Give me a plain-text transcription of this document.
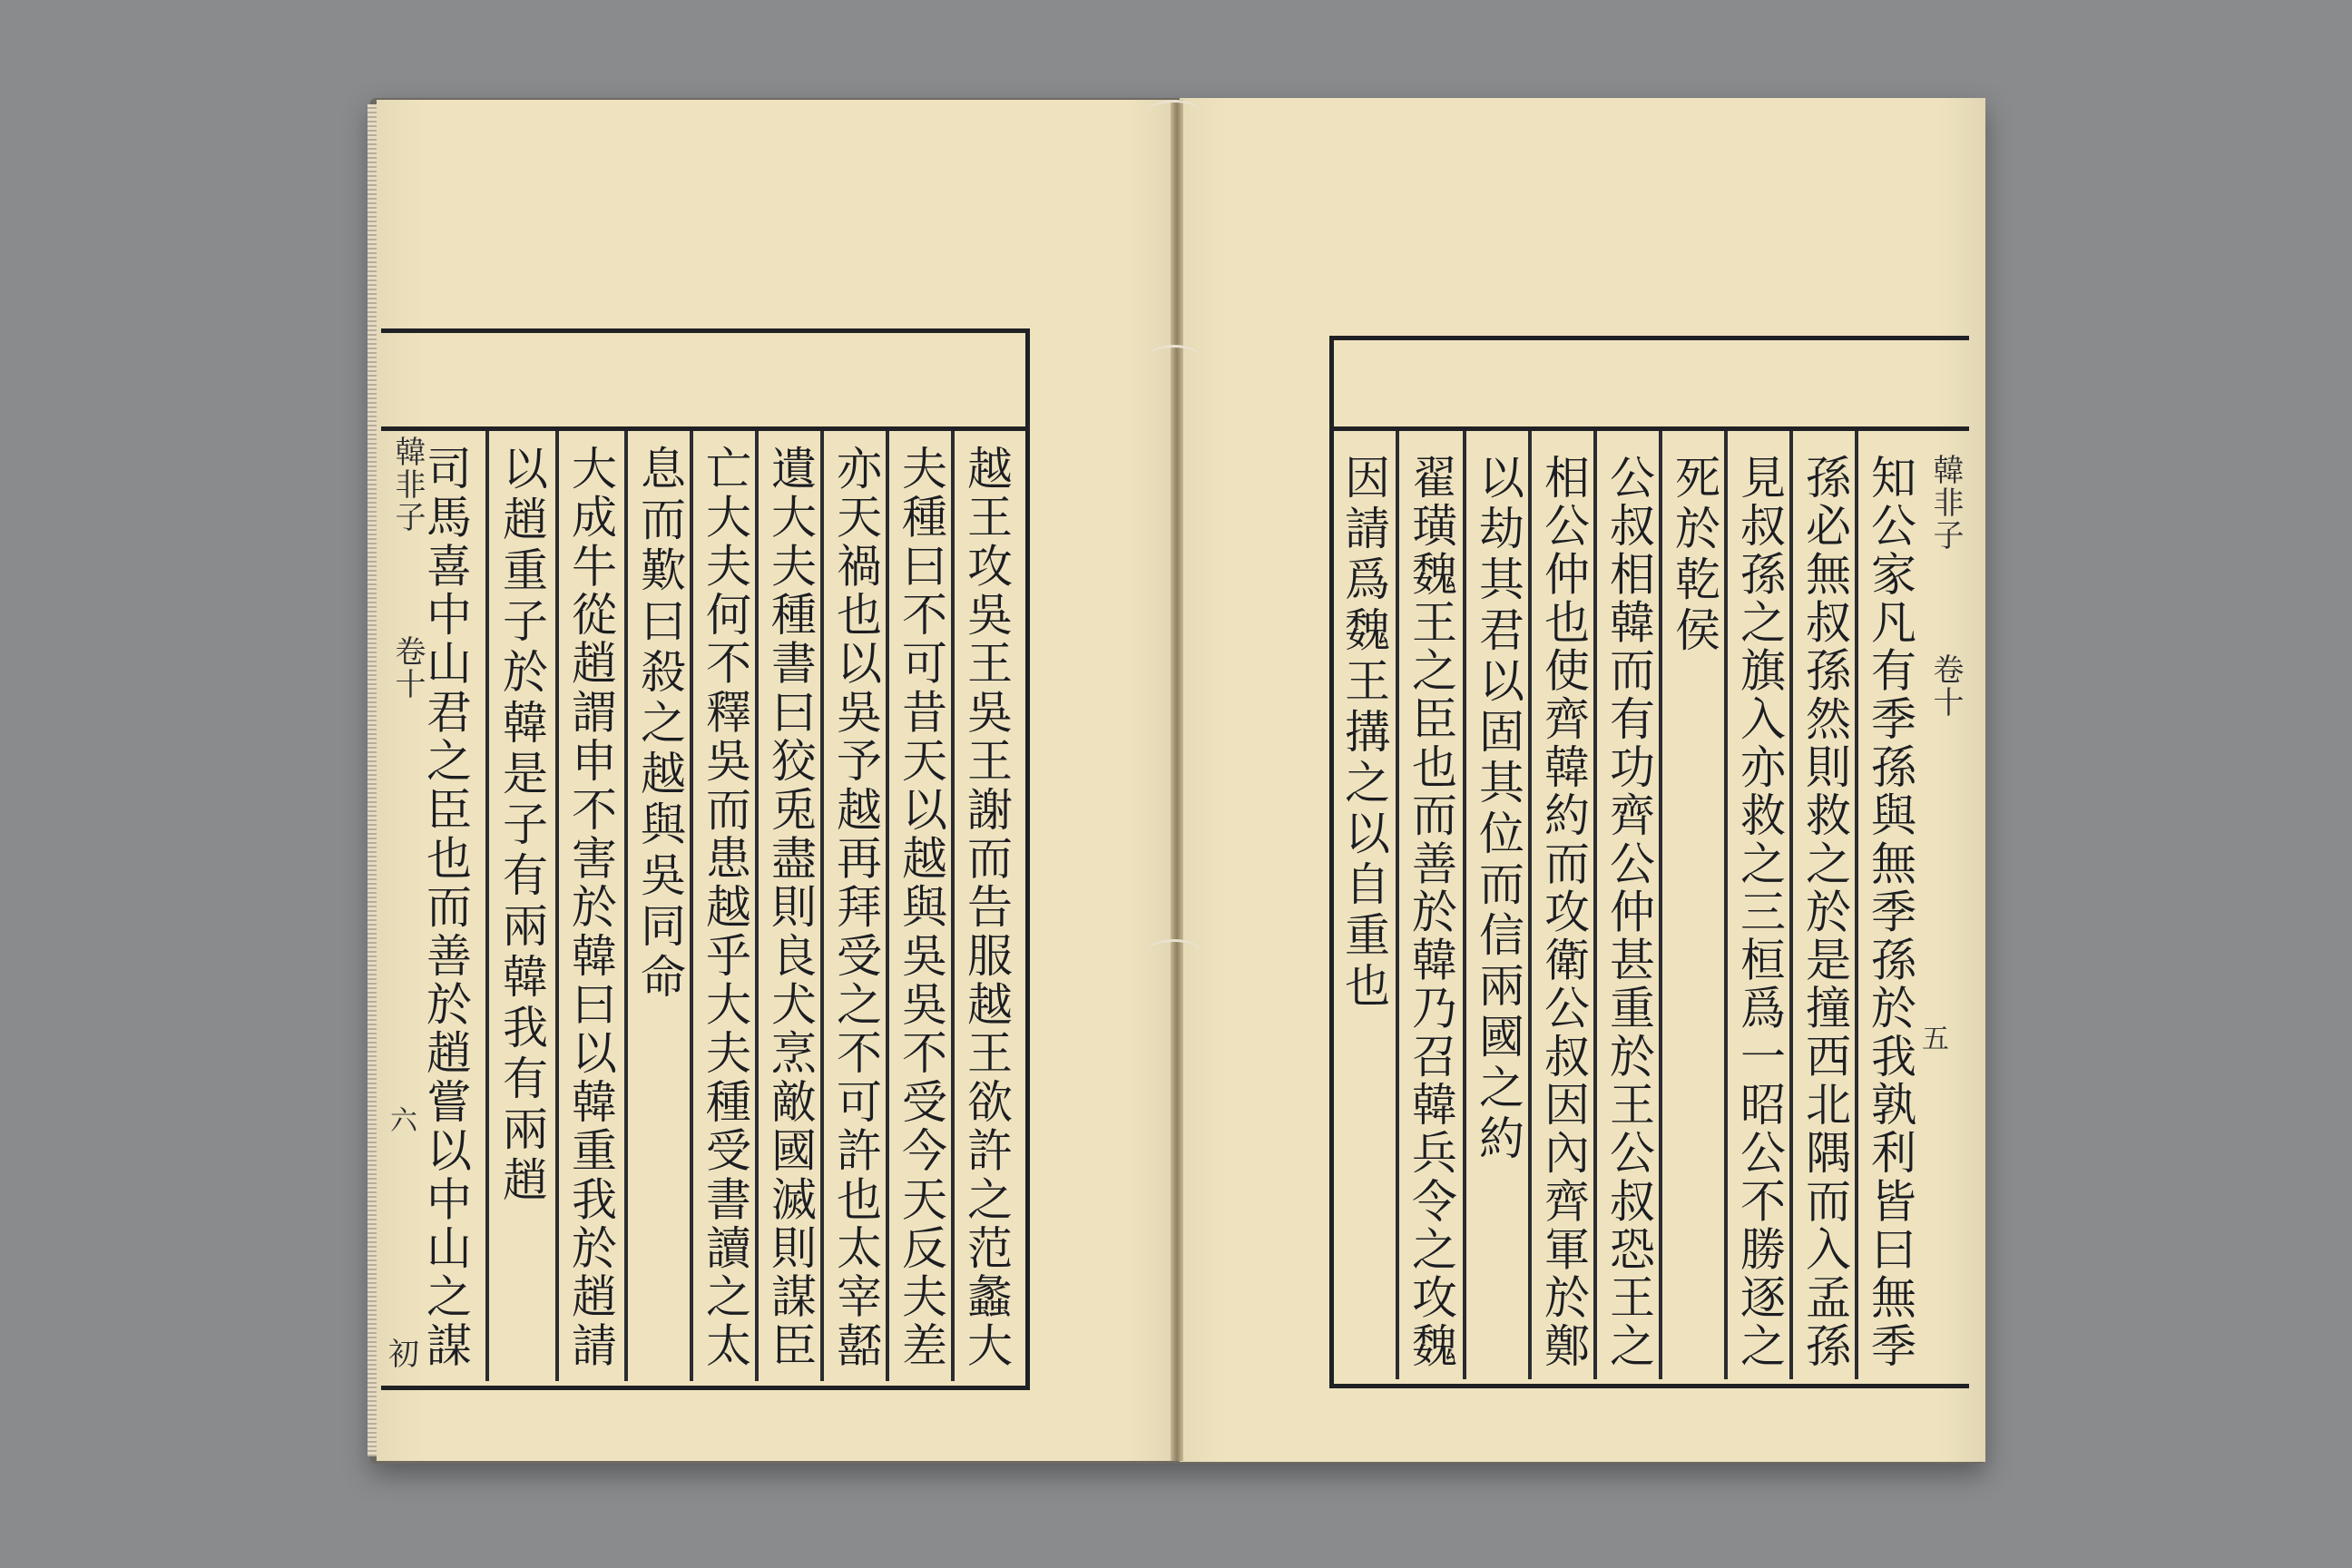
韓非子
卷十
六
初	越王攻吳王吳王謝而告服越王欲許之范蠡大
夫種曰不可昔天以越與吳吳不受今天反夫差
亦天禍也以吳予越再拜受之不可許也太宰嚭
遺大夫種書曰狡兎盡則良犬烹敵國滅則謀臣
亡大夫何不釋吳而患越乎大夫種受書讀之太
息而歎曰殺之越與吳同命
大成牛從趙謂申不害於韓曰以韓重我於趙請
以趙重子於韓是子有兩韓我有兩趙
司馬喜中山君之臣也而善於趙嘗以中山之謀	韓非子
卷十
五
知公家凡有季孫與無季孫於我孰利皆曰無季
孫必無叔孫然則救之於是撞西北隅而入孟孫
見叔孫之旗入亦救之三桓爲一昭公不勝逐之
死於乾侯
公叔相韓而有功齊公仲甚重於王公叔恐王之
相公仲也使齊韓約而攻衛公叔因內齊軍於鄭
以劫其君以固其位而信兩國之約
翟璜魏王之臣也而善於韓乃召韓兵令之攻魏
因請爲魏王搆之以自重也
